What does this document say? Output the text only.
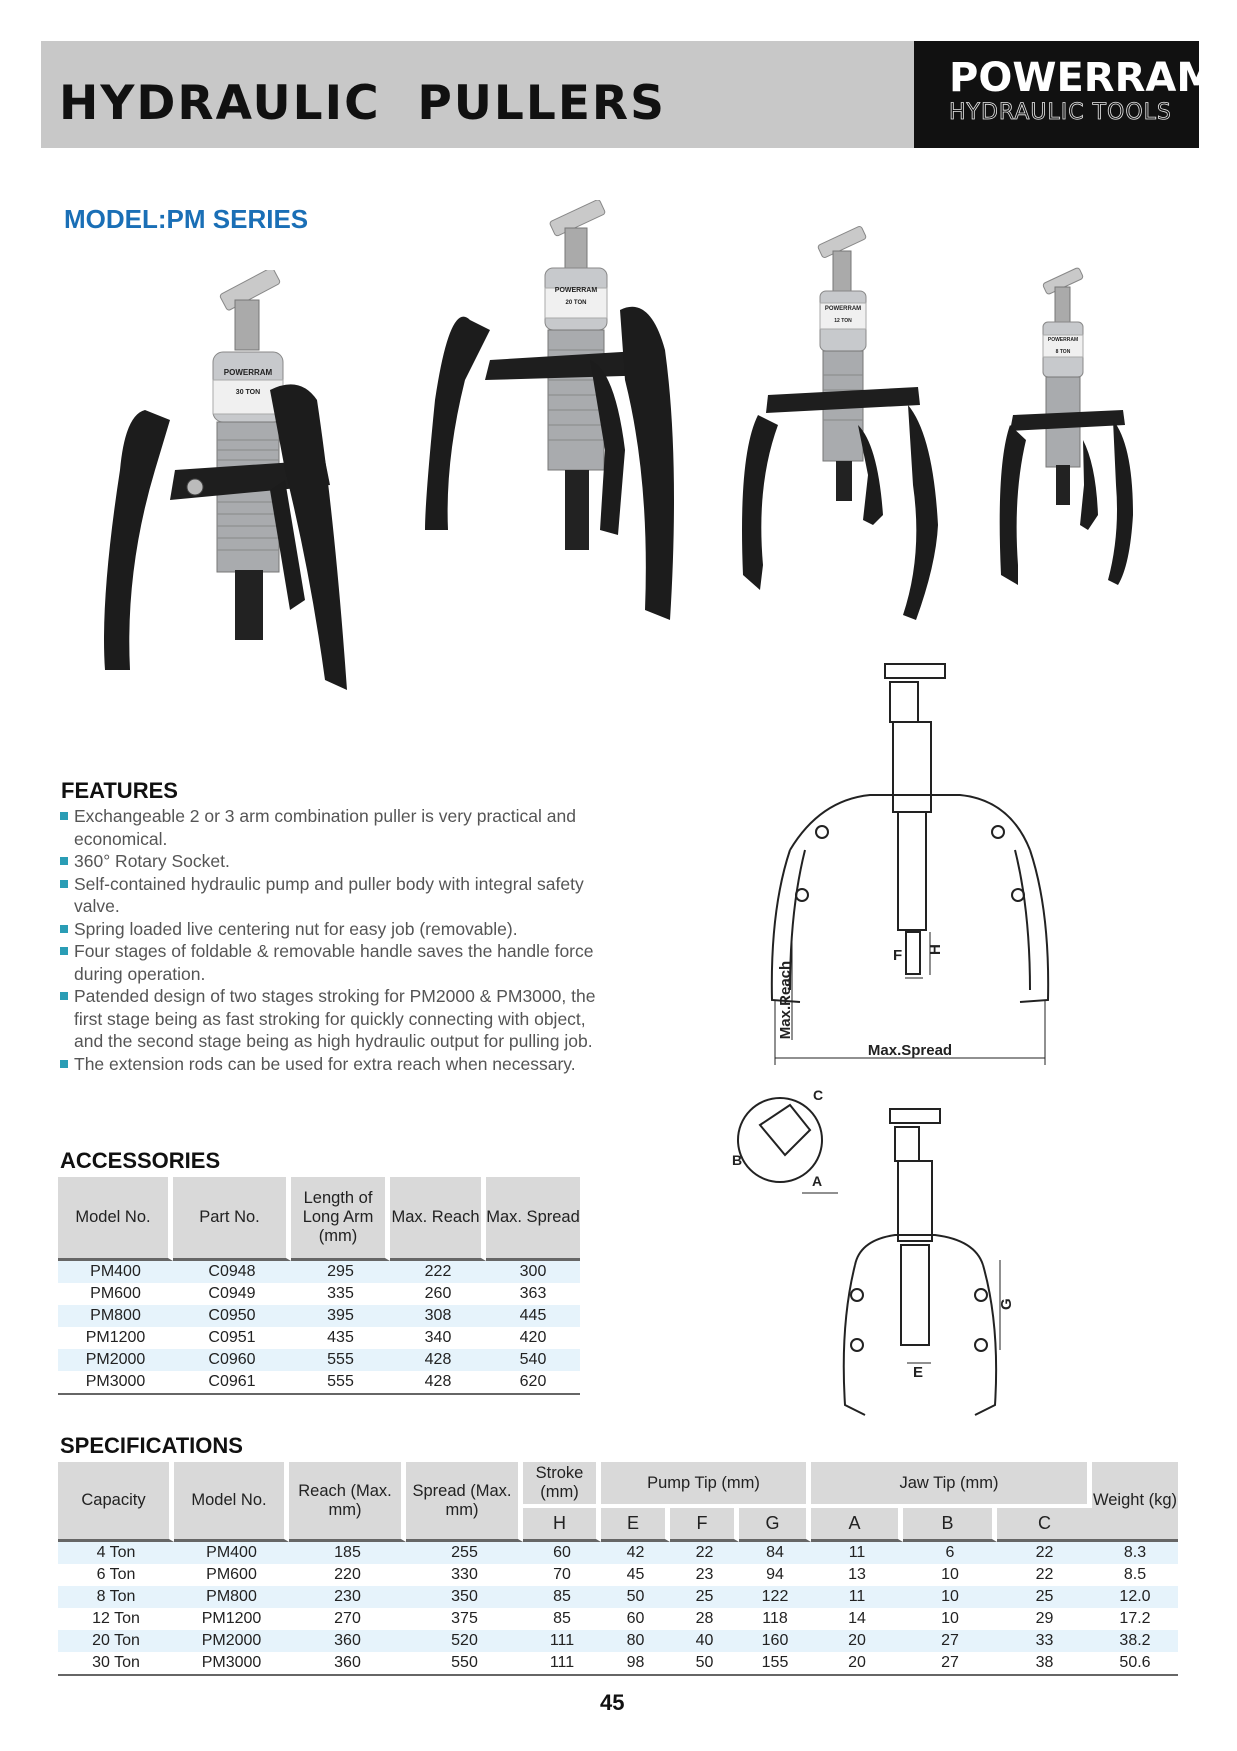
HYDRAULIC  PULLERS	POWERRAM
HYDRAULIC TOOLS
MODEL:PM SERIES
POWERRAM
30 TON
POWERRAM
20 TON
POWERRAM
12 TON
POWERRAM
8 TON
FEATURES
Exchangeable 2 or 3 arm combination puller is very practical and economical.
360° Rotary Socket.
Self-contained hydraulic pump and puller body with integral safety valve.
Spring loaded live centering nut for easy job (removable).
Four stages of foldable & removable handle saves the handle force during operation.
Patended design of two stages stroking for PM2000 & PM3000, the first stage being as fast stroking for quickly connecting with object, and the second stage being as high hydraulic output for pulling job.
The extension rods can be used for extra reach when necessary.
Max.Spread
Max.Reach
F H
A
B
C
E
G
ACCESSORIES
Model No.	Part No.	Length of Long Arm (mm)	Max. Reach	Max. Spread
PM400	C0948	295	222	300
PM600	C0949	335	260	363
PM800	C0950	395	308	445
PM1200	C0951	435	340	420
PM2000	C0960	555	428	540
PM3000	C0961	555	428	620
SPECIFICATIONS
Capacity	Model No.	Reach (Max. mm)	Spread (Max. mm)	Stroke (mm)	Pump Tip (mm)			Jaw Tip (mm)			Weight (kg)
				H	E	F	G	A	B	C	
4 Ton	PM400	185	255	60	42	22	84	11	6	22	8.3
6 Ton	PM600	220	330	70	45	23	94	13	10	22	8.5
8 Ton	PM800	230	350	85	50	25	122	11	10	25	12.0
12 Ton	PM1200	270	375	85	60	28	118	14	10	29	17.2
20 Ton	PM2000	360	520	111	80	40	160	20	27	33	38.2
30 Ton	PM3000	360	550	111	98	50	155	20	27	38	50.6
45
